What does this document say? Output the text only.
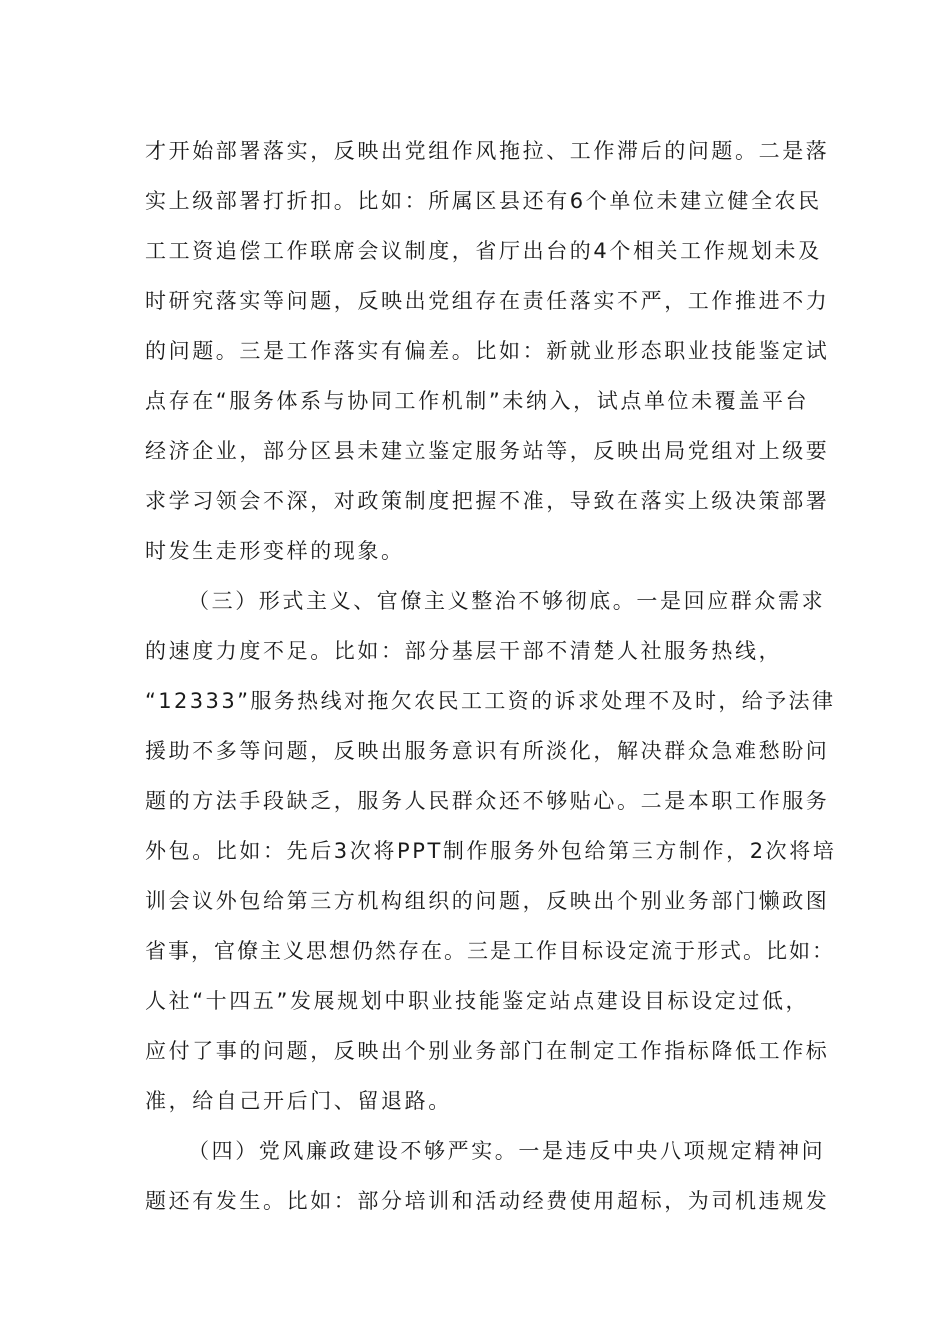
才开始部署落实，反映出党组作风拖拉、工作滞后的问题。二是落
实上级部署打折扣。比如：所属区县还有6个单位未建立健全农民
工工资追偿工作联席会议制度，省厅出台的4个相关工作规划未及
时研究落实等问题，反映出党组存在责任落实不严，工作推进不力
的问题。三是工作落实有偏差。比如：新就业形态职业技能鉴定试
点存在“服务体系与协同工作机制”未纳入，试点单位未覆盖平台
经济企业，部分区县未建立鉴定服务站等，反映出局党组对上级要
求学习领会不深，对政策制度把握不准，导致在落实上级决策部署
时发生走形变样的现象。
（三）形式主义、官僚主义整治不够彻底。一是回应群众需求
的速度力度不足。比如：部分基层干部不清楚人社服务热线，
“12333”服务热线对拖欠农民工工资的诉求处理不及时，给予法律
援助不多等问题，反映出服务意识有所淡化，解决群众急难愁盼问
题的方法手段缺乏，服务人民群众还不够贴心。二是本职工作服务
外包。比如：先后3次将PPT制作服务外包给第三方制作，2次将培
训会议外包给第三方机构组织的问题，反映出个别业务部门懒政图
省事，官僚主义思想仍然存在。三是工作目标设定流于形式。比如：
人社“十四五”发展规划中职业技能鉴定站点建设目标设定过低，
应付了事的问题，反映出个别业务部门在制定工作指标降低工作标
准，给自己开后门、留退路。
（四）党风廉政建设不够严实。一是违反中央八项规定精神问
题还有发生。比如：部分培训和活动经费使用超标，为司机违规发
